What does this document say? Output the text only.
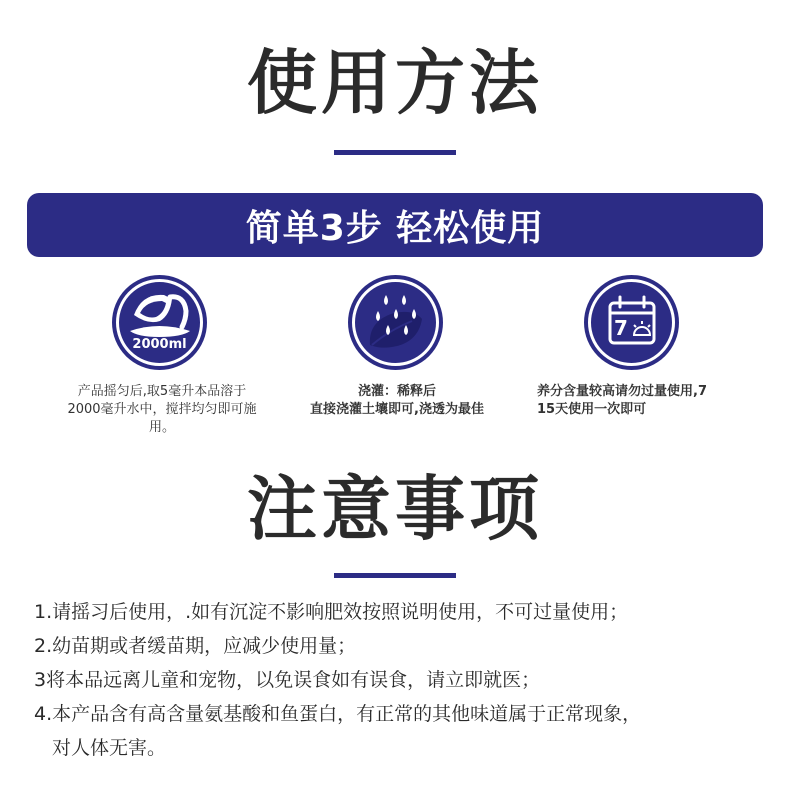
使用方法
简单3步 轻松使用
2000ml
产品摇匀后,取5毫升本品溶于2000毫升水中，搅拌均匀即可施用。
浇灌：稀释后
直接浇灌土壤即可,浇透为最佳
7
养分含量较高请勿过量使用,7
15天使用一次即可
注意事项
1.请摇习后使用，.如有沉淀不影响肥效按照说明使用，不可过量使用；
2.幼苗期或者缓苗期，应减少使用量；
3将本品远离儿童和宠物，以免误食如有误食，请立即就医；
4.本产品含有高含量氨基酸和鱼蛋白，有正常的其他味道属于正常现象，
对人体无害。
